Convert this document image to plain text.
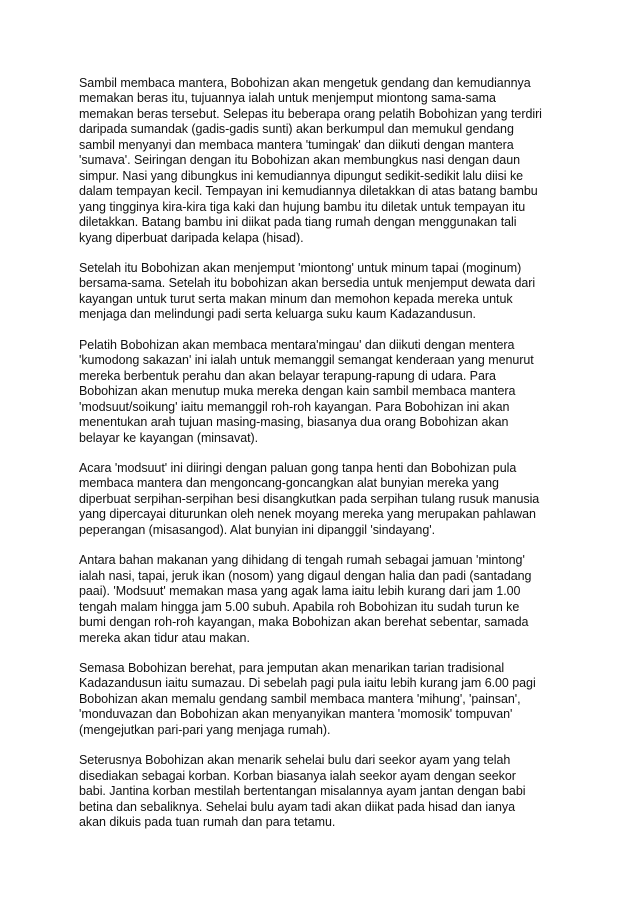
Sambil membaca mantera, Bobohizan akan mengetuk gendang dan kemudiannya
memakan beras itu, tujuannya ialah untuk menjemput miontong sama-sama
memakan beras tersebut. Selepas itu beberapa orang pelatih Bobohizan yang terdiri
daripada sumandak (gadis-gadis sunti) akan berkumpul dan memukul gendang
sambil menyanyi dan membaca mantera 'tumingak' dan diikuti dengan mantera
'sumava'. Seiringan dengan itu Bobohizan akan membungkus nasi dengan daun
simpur. Nasi yang dibungkus ini kemudiannya dipungut sedikit-sedikit lalu diisi ke
dalam tempayan kecil. Tempayan ini kemudiannya diletakkan di atas batang bambu
yang tingginya kira-kira tiga kaki dan hujung bambu itu diletak untuk tempayan itu
diletakkan. Batang bambu ini diikat pada tiang rumah dengan menggunakan tali
kyang diperbuat daripada kelapa (hisad).

Setelah itu Bobohizan akan menjemput 'miontong' untuk minum tapai (moginum)
bersama-sama. Setelah itu bobohizan akan bersedia untuk menjemput dewata dari
kayangan untuk turut serta makan minum dan memohon kepada mereka untuk
menjaga dan melindungi padi serta keluarga suku kaum Kadazandusun.

Pelatih Bobohizan akan membaca mentara'mingau' dan diikuti dengan mentera
'kumodong sakazan' ini ialah untuk memanggil semangat kenderaan yang menurut
mereka berbentuk perahu dan akan belayar terapung-rapung di udara. Para
Bobohizan akan menutup muka mereka dengan kain sambil membaca mantera
'modsuut/soikung' iaitu memanggil roh-roh kayangan. Para Bobohizan ini akan
menentukan arah tujuan masing-masing, biasanya dua orang Bobohizan akan
belayar ke kayangan (minsavat).

Acara 'modsuut' ini diiringi dengan paluan gong tanpa henti dan Bobohizan pula
membaca mantera dan mengoncang-goncangkan alat bunyian mereka yang
diperbuat serpihan-serpihan besi disangkutkan pada serpihan tulang rusuk manusia
yang dipercayai diturunkan oleh nenek moyang mereka yang merupakan pahlawan
peperangan (misasangod). Alat bunyian ini dipanggil 'sindayang'.

Antara bahan makanan yang dihidang di tengah rumah sebagai jamuan 'mintong'
ialah nasi, tapai, jeruk ikan (nosom) yang digaul dengan halia dan padi (santadang
paai). 'Modsuut' memakan masa yang agak lama iaitu lebih kurang dari jam 1.00
tengah malam hingga jam 5.00 subuh. Apabila roh Bobohizan itu sudah turun ke
bumi dengan roh-roh kayangan, maka Bobohizan akan berehat sebentar, samada
mereka akan tidur atau makan.

Semasa Bobohizan berehat, para jemputan akan menarikan tarian tradisional
Kadazandusun iaitu sumazau. Di sebelah pagi pula iaitu lebih kurang jam 6.00 pagi
Bobohizan akan memalu gendang sambil membaca mantera 'mihung', 'painsan',
'monduvazan dan Bobohizan akan menyanyikan mantera 'momosik' tompuvan'
(mengejutkan pari-pari yang menjaga rumah).

Seterusnya Bobohizan akan menarik sehelai bulu dari seekor ayam yang telah
disediakan sebagai korban. Korban biasanya ialah seekor ayam dengan seekor
babi. Jantina korban mestilah bertentangan misalannya ayam jantan dengan babi
betina dan sebaliknya. Sehelai bulu ayam tadi akan diikat pada hisad dan ianya
akan dikuis pada tuan rumah dan para tetamu.
